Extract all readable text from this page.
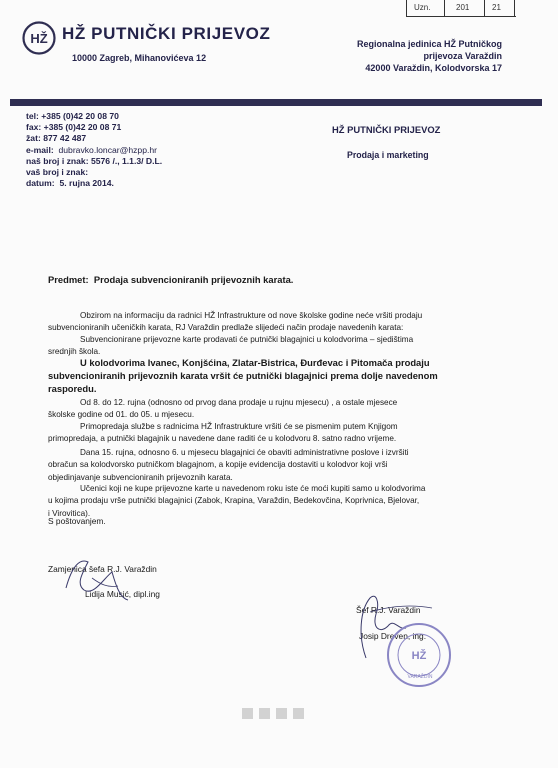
Uzn.	201	21
HŽ HŽ PUTNIČKI PRIJEVOZ
10000 Zagreb, Mihanovićeva 12
Regionalna jedinica HŽ Putničkog
prijevoza Varaždin
42000 Varaždin, Kolodvorska 17
tel: +385 (0)42 20 08 70
fax: +385 (0)42 20 08 71
žat: 877 42 487
e-mail: dubravko.loncar@hzpp.hr
naš broj i znak: 5576 /., 1.1.3/ D.L.
vaš broj i znak:
datum: 5. rujna 2014.
HŽ PUTNIČKI PRIJEVOZ
Prodaja i marketing
Predmet: Prodaja subvencioniranih prijevoznih karata.
Obzirom na informaciju da radnici HŽ Infrastrukture od nove školske godine neće vršiti prodaju
subvencioniranih učeničkih karata, RJ Varaždin predlaže slijedeći način prodaje navedenih karata:
Subvencionirane prijevozne karte prodavati će putnički blagajnici u kolodvorima – sjedištima
srednjih škola.
U kolodvorima Ivanec, Konjšćina, Zlatar-Bistrica, Đurđevac i Pitomača prodaju
subvencioniranih prijevoznih karata vršit će putnički blagajnici prema dolje navedenom
rasporedu.
Od 8. do 12. rujna (odnosno od prvog dana prodaje u rujnu mjesecu) , a ostale mjesece
školske godine od 01. do 05. u mjesecu.
Primopredaja službe s radnicima HŽ Infrastrukture vršiti će se pismenim putem Knjigom
primopredaja, a putnički blagajnik u navedene dane raditi će u kolodvoru 8. satno radno vrijeme.
Dana 15. rujna, odnosno 6. u mjesecu blagajnici će obaviti administrativne poslove i izvršiti
obračun sa kolodvorsko putničkom blagajnom, a kopije evidencija dostaviti u kolodvor koji vrši
objedinjavanje subvencioniranih prijevoznih karata.
Učenici koji ne kupe prijevozne karte u navedenom roku iste će moći kupiti samo u kolodvorima
u kojima prodaju vrše putnički blagajnici (Zabok, Krapina, Varaždin, Bedekovčina, Koprivnica, Bjelovar,
i Virovitica).
S poštovanjem.
Zamjenica šefa R.J. Varaždin
Lidija Musić, dipl.ing
Šef R.J. Varaždin
Josip Dreven, ing.
HŽ
VARAŽDIN
